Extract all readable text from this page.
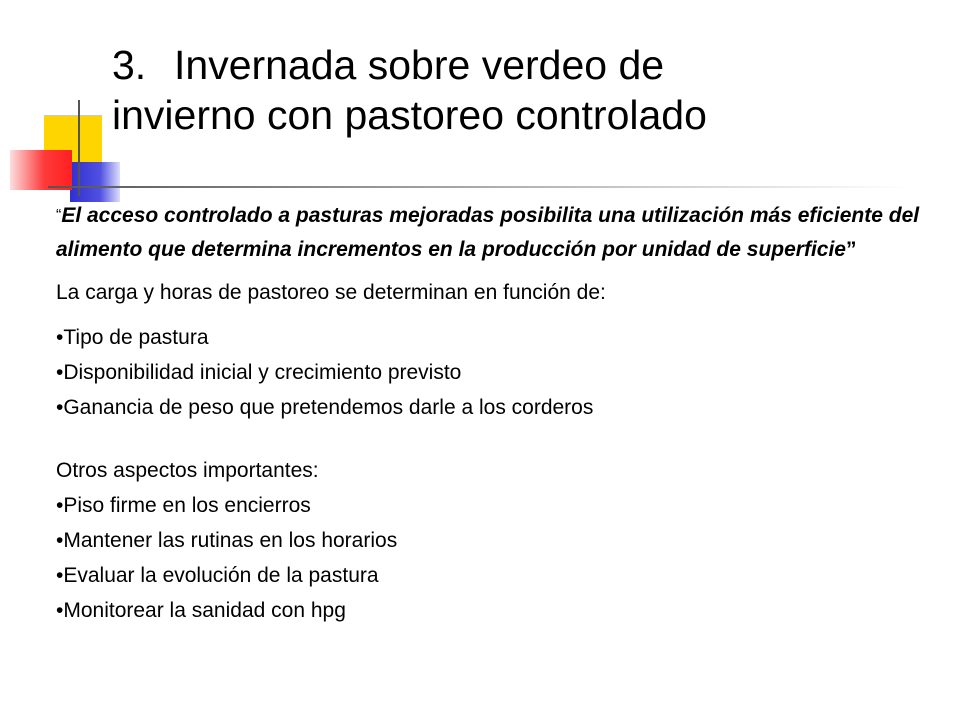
3. Invernada sobre verdeo de
invierno con pastoreo controlado

“El acceso controlado a pasturas mejoradas posibilita una utilización más eficiente del alimento que determina incrementos en la producción por unidad de superficie”

La carga y horas de pastoreo se determinan en función de:

•Tipo de pastura
•Disponibilidad inicial y crecimiento previsto
•Ganancia de peso que pretendemos darle a los corderos

Otros aspectos importantes:

•Piso firme en los encierros
•Mantener las rutinas en los horarios
•Evaluar la evolución de la pastura
•Monitorear la sanidad con hpg
